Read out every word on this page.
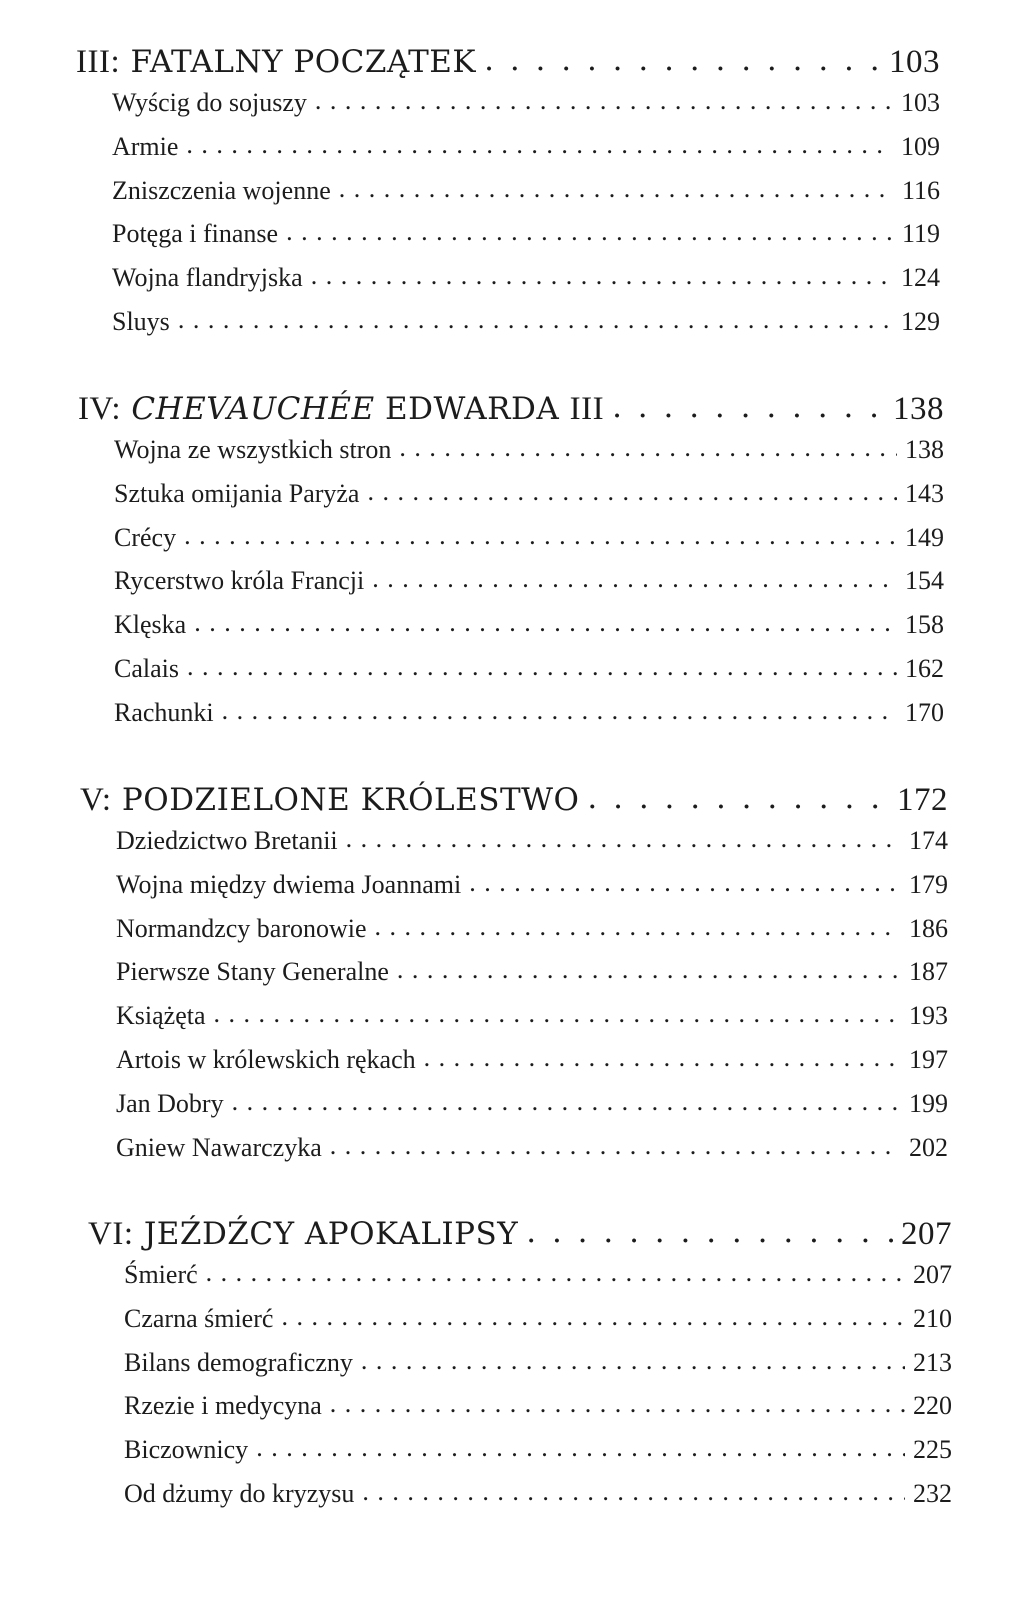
III: FATALNY POCZĄTEK . . .	103
Wyścig do sojuszy . . .	103
Armie . . .	109
Zniszczenia wojenne . . .	116
Potęga i finanse . . .	119
Wojna flandryjska . . .	124
Sluys . . .	129
IV: CHEVAUCHÉE EDWARDA III . . .	138
Wojna ze wszystkich stron . . .	138
Sztuka omijania Paryża . . .	143
Crécy . . .	149
Rycerstwo króla Francji . . .	154
Klęska . . .	158
Calais . . .	162
Rachunki . . .	170
V: PODZIELONE KRÓLESTWO . . .	172
Dziedzictwo Bretanii . . .	174
Wojna między dwiema Joannami . . .	179
Normandzcy baronowie . . .	186
Pierwsze Stany Generalne . . .	187
Książęta . . .	193
Artois w królewskich rękach . . .	197
Jan Dobry . . .	199
Gniew Nawarczyka . . .	202
VI: JEŹDŹCY APOKALIPSY . . .	207
Śmierć . . .	207
Czarna śmierć . . .	210
Bilans demograficzny . . .	213
Rzezie i medycyna . . .	220
Biczownicy . . .	225
Od dżumy do kryzysu . . .	232
